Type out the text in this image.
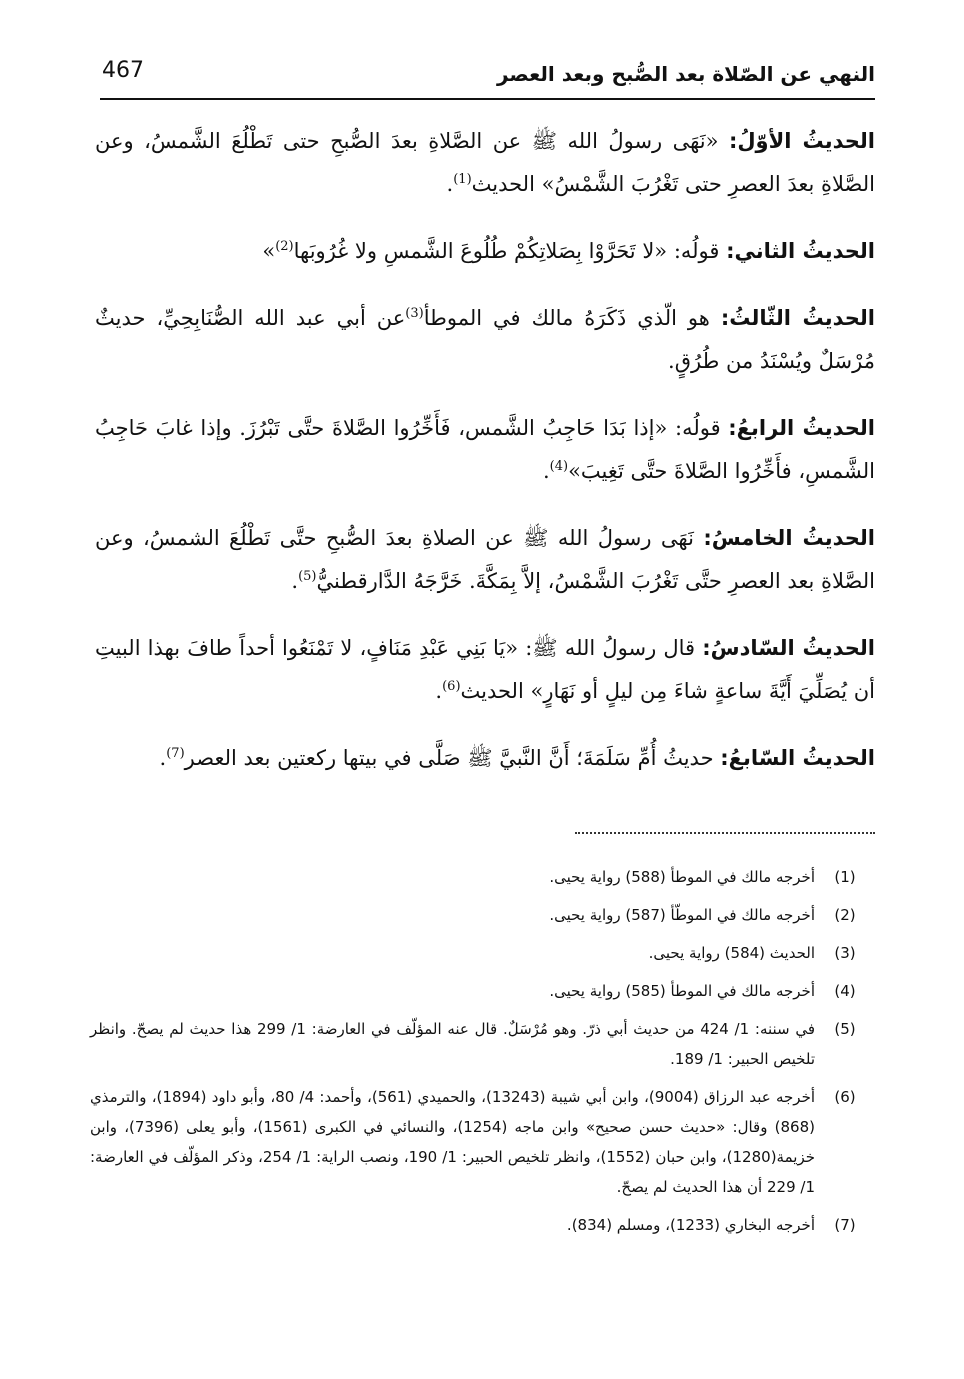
467	النهي عن الصّلاة بعد الصُّبح وبعد العصر

الحديثُ الأوّلُ: «نَهَى رسولُ الله ﷺ عن الصَّلاةِ بعدَ الصُّبحِ حتى تَطْلُعَ الشَّمسُ، وعن الصَّلاةِ بعدَ العصرِ حتى تَغْرُبَ الشَّمْسُ» الحديث$^{(1)}$.

الحديثُ الثاني: قولُه: «لا تَحَرَّوْا بِصَلاتِكُمْ طُلُوعَ الشَّمسِ ولا غُرُوبَها$^{(2)}$»

الحديثُ الثّالثُ: هو الّذي ذَكَرَهُ مالك في الموطأ$^{(3)}$عن أبي عبد الله الصُّنَابِحِيِّ، حديثٌ مُرْسَلٌ ويُسْنَدُ من طُرُقٍ.

الحديثُ الرابعُ: قولُه: «إذا بَدَا حَاجِبُ الشَّمس، فَأَخِّرُوا الصَّلاةَ حتَّى تَبْرُزَ. وإذا غابَ حَاجِبُ الشَّمسِ، فأَخِّرُوا الصَّلاةَ حتَّى تَغِيبَ»$^{(4)}$.

الحديثُ الخامسُ: نَهَى رسولُ الله ﷺ عن الصلاةِ بعدَ الصُّبحِ حتَّى تَطْلُعَ الشمسُ، وعن الصَّلاةِ بعد العصرِ حتَّى تَغْرُبَ الشَّمْسُ، إلاَّ بِمَكَّةَ. خَرَّجَهُ الدَّارقطنيُّ$^{(5)}$.

الحديثُ السّادسُ: قال رسولُ الله ﷺ: «يَا بَنِي عَبْدِ مَنَافٍ، لا تَمْنَعُوا أحداً طافَ بهذا البيتِ أن يُصَلِّيَ أَيَّةَ ساعةٍ شاءَ مِن ليلٍ أو نَهَارٍ» الحديث$^{(6)}$.

الحديثُ السّابعُ: حديثُ أُمِّ سَلَمَةَ؛ أَنَّ النَّبيَّ ﷺ صَلَّى في بيتها ركعتين بعد العصر$^{(7)}$.

(1)
أخرجه مالك في الموطأ (588) رواية يحيى.
(2)
أخرجه مالك في الموطّأ (587) رواية يحيى.
(3)
الحديث (584) رواية يحيى.
(4)
أخرجه مالك في الموطأ (585) رواية يحيى.
(5)
في سننه: 1/ 424 من حديث أبي ذرّ. وهو مُرْسَلٌ. قال عنه المؤلّف في العارضة: 1/ 299 هذا حديث لم يصحّ. وانظر تلخيص الحبير: 1/ 189.
(6)
أخرجه عبد الرزاق (9004)، وابن أبي شيبة (13243)، والحميدي (561)، وأحمد: 4/ 80، وأبو داود (1894)، والترمذي (868) وقال: «حديث حسن صحيح» وابن ماجه (1254)، والنسائي في الكبرى (1561)، وأبو يعلى (7396)، وابن خزيمة(1280)، وابن حبان (1552)، وانظر تلخيص الحبير: 1/ 190، ونصب الراية: 1/ 254، وذكر المؤلّف في العارضة: 1/ 229 أن هذا الحديث لم يصحّ.
(7)
أخرجه البخاري (1233)، ومسلم (834).
